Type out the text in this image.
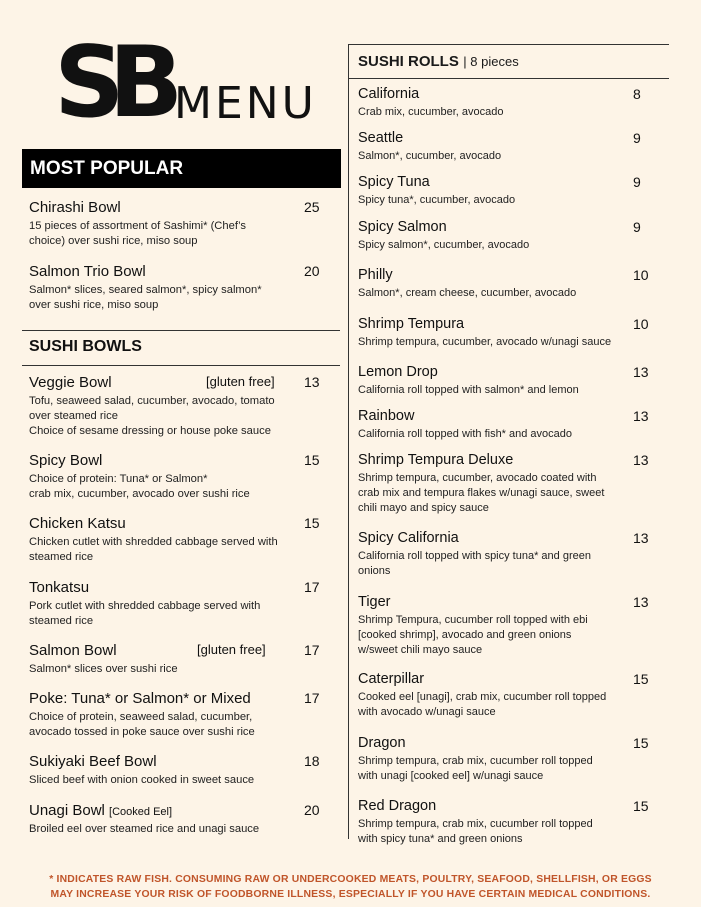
SB MENU
MOST POPULAR
Chirashi Bowl	25
15 pieces of assortment of Sashimi* (Chef’s
choice) over sushi rice, miso soup
Salmon Trio Bowl	20
Salmon* slices, seared salmon*, spicy salmon*
over sushi rice, miso soup
SUSHI BOWLS
Veggie Bowl	[gluten free] 13
Tofu, seaweed salad, cucumber, avocado, tomato
over steamed rice
Choice of sesame dressing or house poke sauce
Spicy Bowl	15
Choice of protein: Tuna* or Salmon*
crab mix, cucumber, avocado over sushi rice
Chicken Katsu	15
Chicken cutlet with shredded cabbage served with
steamed rice
Tonkatsu	17
Pork cutlet with shredded cabbage served with
steamed rice
Salmon Bowl	[gluten free]	17
Salmon* slices over sushi rice
Poke: Tuna* or Salmon* or Mixed	17
Choice of protein, seaweed salad, cucumber,
avocado tossed in poke sauce over sushi rice
Sukiyaki Beef Bowl	18
Sliced beef with onion cooked in sweet sauce
Unagi Bowl [Cooked Eel]	20
Broiled eel over steamed rice and unagi sauce
SUSHI ROLLS | 8 pieces
California	8
Crab mix, cucumber, avocado
Seattle	9
Salmon*, cucumber, avocado
Spicy Tuna	9
Spicy tuna*, cucumber, avocado
Spicy Salmon	9
Spicy salmon*, cucumber, avocado
Philly	10
Salmon*, cream cheese, cucumber, avocado
Shrimp Tempura	10
Shrimp tempura, cucumber, avocado w/unagi sauce
Lemon Drop	13
California roll topped with salmon* and lemon
Rainbow	13
California roll topped with fish* and avocado
Shrimp Tempura Deluxe	13
Shrimp tempura, cucumber, avocado coated with
crab mix and tempura flakes w/unagi sauce, sweet
chili mayo and spicy sauce
Spicy California	13
California roll topped with spicy tuna* and green
onions
Tiger	13
Shrimp Tempura, cucumber roll topped with ebi
[cooked shrimp], avocado and green onions
w/sweet chili mayo sauce
Caterpillar	15
Cooked eel [unagi], crab mix, cucumber roll topped
with avocado w/unagi sauce
Dragon	15
Shrimp tempura, crab mix, cucumber roll topped
with unagi [cooked eel] w/unagi sauce
Red Dragon	15
Shrimp tempura, crab mix, cucumber roll topped
with spicy tuna* and green onions
* INDICATES RAW FISH. CONSUMING RAW OR UNDERCOOKED MEATS, POULTRY, SEAFOOD, SHELLFISH, OR EGGS
MAY INCREASE YOUR RISK OF FOODBORNE ILLNESS, ESPECIALLY IF YOU HAVE CERTAIN MEDICAL CONDITIONS.
